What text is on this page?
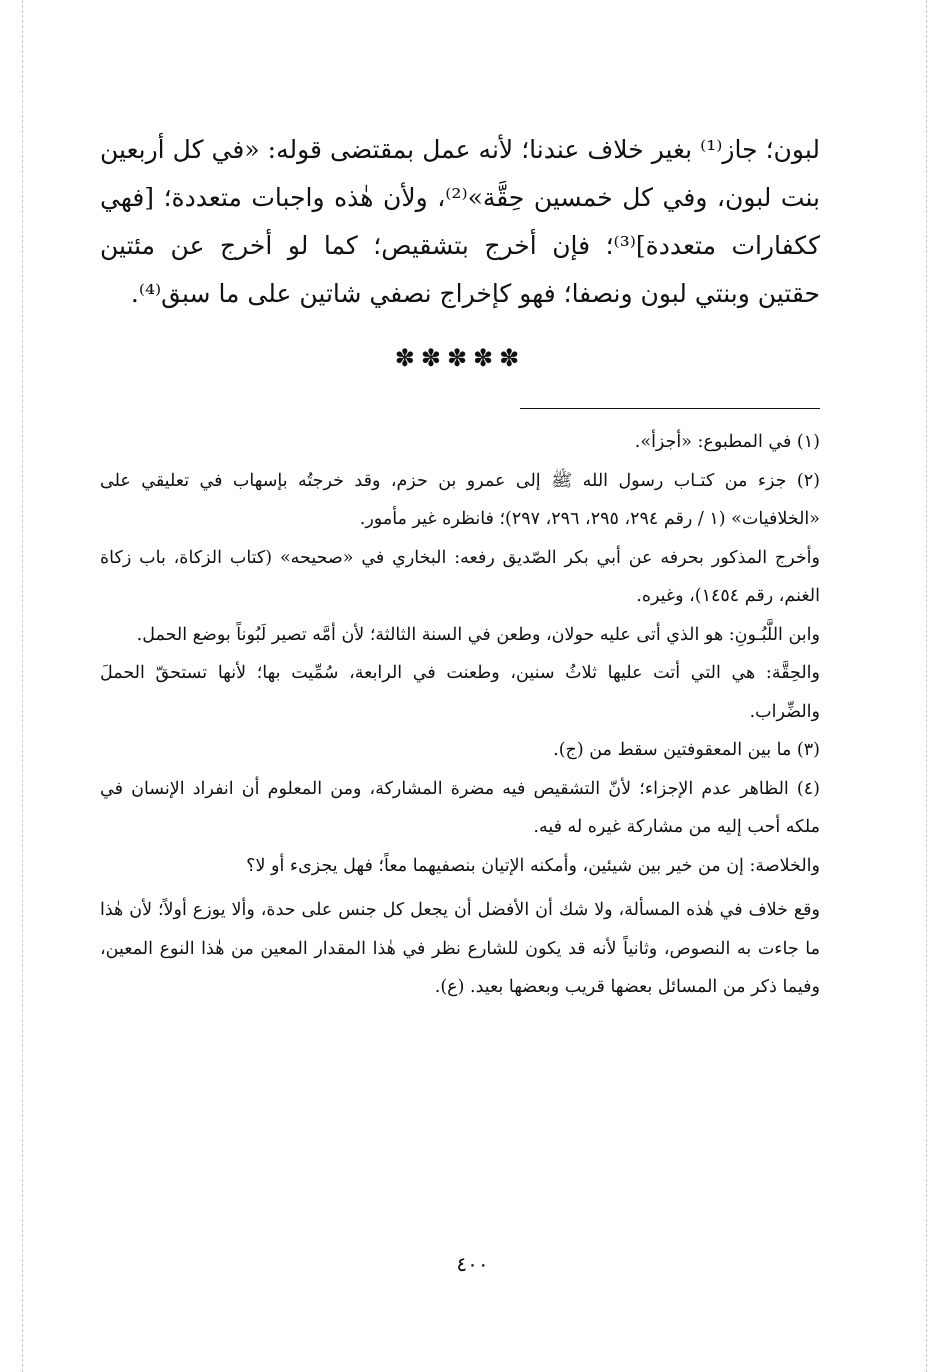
لبون؛ جاز⁽¹⁾ بغير خلاف عندنا؛ لأنه عمل بمقتضى قوله: «في كل أربعين بنت لبون، وفي كل خمسين حِقَّة»⁽²⁾، ولأن هٰذه واجبات متعددة؛ [فهي ككفارات متعددة]⁽³⁾؛ فإن أخرج بتشقيص؛ كما لو أخرج عن مئتين حقتين وبنتي لبون ونصفا؛ فهو كإخراج نصفي شاتين على ما سبق⁽⁴⁾.

✽✽✽✽✽

(١) في المطبوع: «أجزأ».

(٢) جزء من كتـاب رسول الله ﷺ إلى عمرو بن حزم، وقد خرجتُه بإسهاب في تعليقي على «الخلافيات» (١ / رقم ٢٩٤، ٢٩٥، ٢٩٦، ٢٩٧)؛ فانظره غير مأمور.

وأخرج المذكور بحرفه عن أبي بكر الصّديق رفعه: البخاري في «صحيحه» (كتاب الزكاة، باب زكاة الغنم، رقم ١٤٥٤)، وغيره.

وابن اللَّبُـونِ: هو الذي أتى عليه حولان، وطعن في السنة الثالثة؛ لأن أمَّه تصير لَبُوناً بوضع الحمل.

والحِقَّة: هي التي أتت عليها ثلاثُ سنين، وطعنت في الرابعة، سُمِّيت بها؛ لأنها تستحقّ الحملَ والضِّراب.

(٣) ما بين المعقوفتين سقط من (ج).

(٤) الظاهر عدم الإجزاء؛ لأنّ التشقيص فيه مضرة المشاركة، ومن المعلوم أن انفراد الإنسان في ملكه أحب إليه من مشاركة غيره له فيه.

والخلاصة: إن من خير بين شيئين، وأمكنه الإتيان بنصفيهما معاً؛ فهل يجزىء أو لا؟

وقع خلاف في هٰذه المسألة، ولا شك أن الأفضل أن يجعل كل جنس على حدة، وألا يوزع أولاً؛ لأن هٰذا ما جاءت به النصوص، وثانياً لأنه قد يكون للشارع نظر في هٰذا المقدار المعين من هٰذا النوع المعين، وفيما ذكر من المسائل بعضها قريب وبعضها بعيد. (ع).

٤٠٠
